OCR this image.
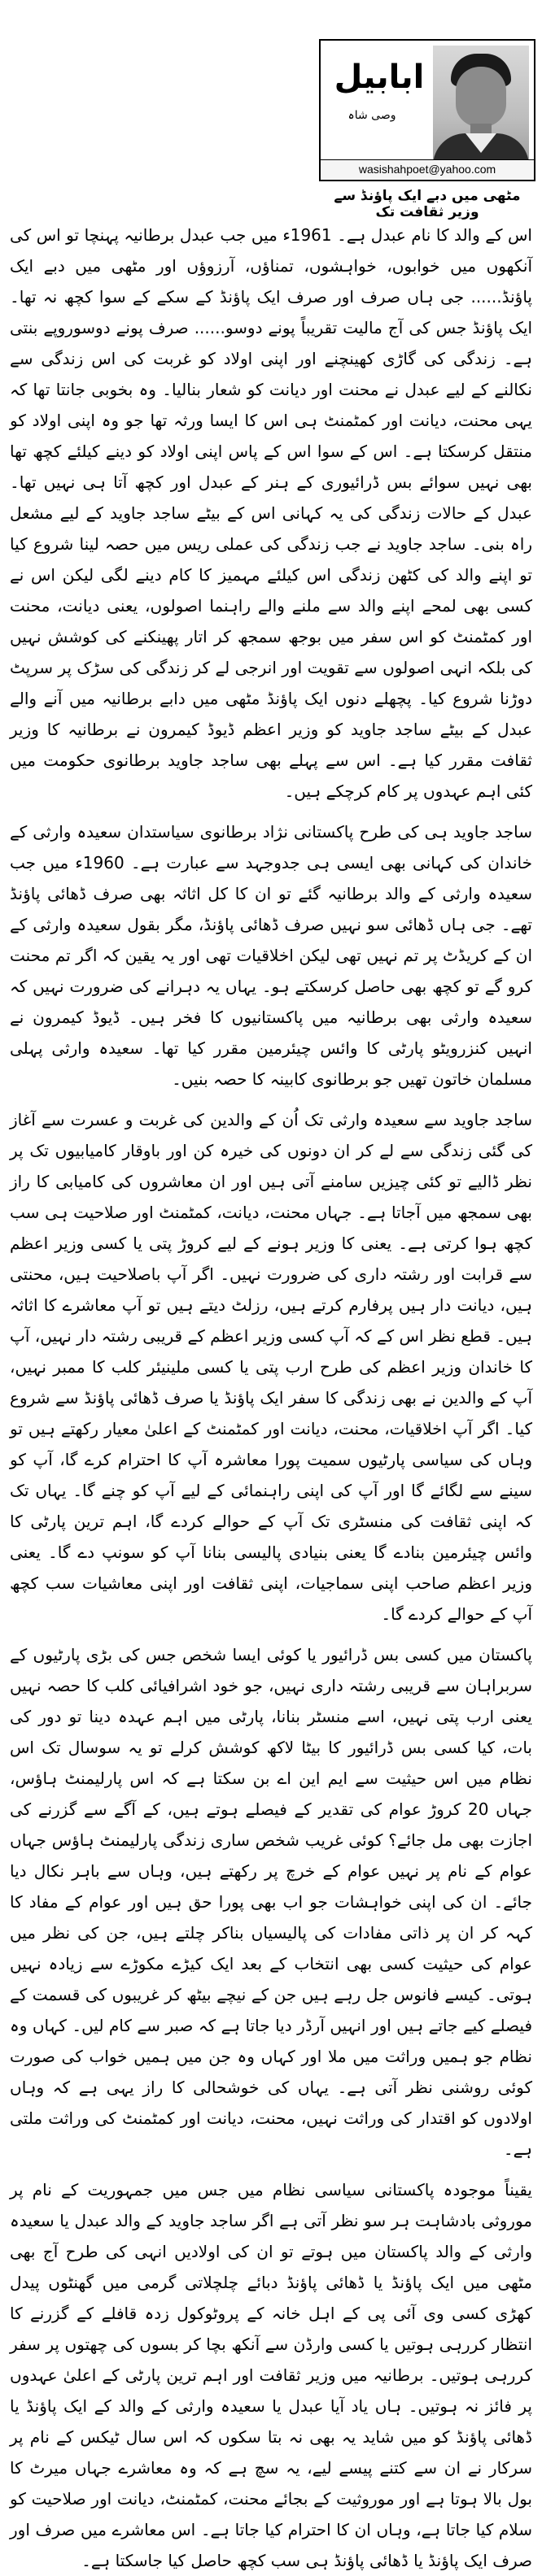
ابابیل
وصی شاہ
wasishahpoet@yahoo.com
مٹھی میں دبے ایک پاؤنڈ سے وزیر ثقافت تک

اس کے والد کا نام عبدل ہے۔ 1961ء میں جب عبدل برطانیہ پہنچا تو اس کی آنکھوں میں خوابوں، خواہشوں، تمناؤں، آرزوؤں اور مٹھی میں دبے ایک پاؤنڈ...... جی ہاں صرف اور صرف ایک پاؤنڈ کے سکے کے سوا کچھ نہ تھا۔ ایک پاؤنڈ جس کی آج مالیت تقریباً پونے دوسو...... صرف پونے دوسوروپے بنتی ہے۔ زندگی کی گاڑی کھینچنے اور اپنی اولاد کو غربت کی اس زندگی سے نکالنے کے لیے عبدل نے محنت اور دیانت کو شعار بنالیا۔ وہ بخوبی جانتا تھا کہ یہی محنت، دیانت اور کمٹمنٹ ہی اس کا ایسا ورثہ تھا جو وہ اپنی اولاد کو منتقل کرسکتا ہے۔ اس کے سوا اس کے پاس اپنی اولاد کو دینے کیلئے کچھ تھا بھی نہیں سوائے بس ڈرائیوری کے ہنر کے عبدل اور کچھ آتا ہی نہیں تھا۔ عبدل کے حالات زندگی کی یہ کہانی اس کے بیٹے ساجد جاوید کے لیے مشعل راہ بنی۔ ساجد جاوید نے جب زندگی کی عملی ریس میں حصہ لینا شروع کیا تو اپنے والد کی کٹھن زندگی اس کیلئے مہمیز کا کام دینے لگی لیکن اس نے کسی بھی لمحے اپنے والد سے ملنے والے راہنما اصولوں، یعنی دیانت، محنت اور کمٹمنٹ کو اس سفر میں بوجھ سمجھ کر اتار پھینکنے کی کوشش نہیں کی بلکہ انہی اصولوں سے تقویت اور انرجی لے کر زندگی کی سڑک پر سرپٹ دوڑنا شروع کیا۔ پچھلے دنوں ایک پاؤنڈ مٹھی میں دابے برطانیہ میں آنے والے عبدل کے بیٹے ساجد جاوید کو وزیر اعظم ڈیوڈ کیمرون نے برطانیہ کا وزیر ثقافت مقرر کیا ہے۔ اس سے پہلے بھی ساجد جاوید برطانوی حکومت میں کئی اہم عہدوں پر کام کرچکے ہیں۔

ساجد جاوید ہی کی طرح پاکستانی نژاد برطانوی سیاستدان سعیدہ وارثی کے خاندان کی کہانی بھی ایسی ہی جدوجہد سے عبارت ہے۔ 1960ء میں جب سعیدہ وارثی کے والد برطانیہ گئے تو ان کا کل اثاثہ بھی صرف ڈھائی پاؤنڈ تھے۔ جی ہاں ڈھائی سو نہیں صرف ڈھائی پاؤنڈ، مگر بقول سعیدہ وارثی کے ان کے کریڈٹ پر تم نہیں تھی لیکن اخلاقیات تھی اور یہ یقین کہ اگر تم محنت کرو گے تو کچھ بھی حاصل کرسکتے ہو۔ یہاں یہ دہرانے کی ضرورت نہیں کہ سعیدہ وارثی بھی برطانیہ میں پاکستانیوں کا فخر ہیں۔ ڈیوڈ کیمرون نے انہیں کنزرویٹو پارٹی کا وائس چیئرمین مقرر کیا تھا۔ سعیدہ وارثی پہلی مسلمان خاتون تھیں جو برطانوی کابینہ کا حصہ بنیں۔

ساجد جاوید سے سعیدہ وارثی تک اُن کے والدین کی غربت و عسرت سے آغاز کی گئی زندگی سے لے کر ان دونوں کی خیرہ کن اور باوقار کامیابیوں تک پر نظر ڈالیے تو کئی چیزیں سامنے آتی ہیں اور ان معاشروں کی کامیابی کا راز بھی سمجھ میں آجاتا ہے۔ جہاں محنت، دیانت، کمٹمنٹ اور صلاحیت ہی سب کچھ ہوا کرتی ہے۔ یعنی کا وزیر ہونے کے لیے کروڑ پتی یا کسی وزیر اعظم سے قرابت اور رشتہ داری کی ضرورت نہیں۔ اگر آپ باصلاحیت ہیں، محنتی ہیں، دیانت دار ہیں پرفارم کرتے ہیں، رزلٹ دیتے ہیں تو آپ معاشرے کا اثاثہ ہیں۔ قطع نظر اس کے کہ آپ کسی وزیر اعظم کے قریبی رشتہ دار نہیں، آپ کا خاندان وزیر اعظم کی طرح ارب پتی یا کسی ملینیئر کلب کا ممبر نہیں، آپ کے والدین نے بھی زندگی کا سفر ایک پاؤنڈ یا صرف ڈھائی پاؤنڈ سے شروع کیا۔ اگر آپ اخلاقیات، محنت، دیانت اور کمٹمنٹ کے اعلیٰ معیار رکھتے ہیں تو وہاں کی سیاسی پارٹیوں سمیت پورا معاشرہ آپ کا احترام کرے گا، آپ کو سینے سے لگائے گا اور آپ کی اپنی راہنمائی کے لیے آپ کو چنے گا۔ یہاں تک کہ اپنی ثقافت کی منسٹری تک آپ کے حوالے کردے گا، اہم ترین پارٹی کا وائس چیئرمین بنادے گا یعنی بنیادی پالیسی بنانا آپ کو سونپ دے گا۔ یعنی وزیر اعظم صاحب اپنی سماجیات، اپنی ثقافت اور اپنی معاشیات سب کچھ آپ کے حوالے کردے گا۔

پاکستان میں کسی بس ڈرائیور یا کوئی ایسا شخص جس کی بڑی پارٹیوں کے سربراہان سے قریبی رشتہ داری نہیں، جو خود اشرافیائی کلب کا حصہ نہیں یعنی ارب پتی نہیں، اسے منسٹر بنانا، پارٹی میں اہم عہدہ دینا تو دور کی بات، کیا کسی بس ڈرائیور کا بیٹا لاکھ کوشش کرلے تو یہ سوسال تک اس نظام میں اس حیثیت سے ایم این اے بن سکتا ہے کہ اس پارلیمنٹ ہاؤس، جہاں 20 کروڑ عوام کی تقدیر کے فیصلے ہوتے ہیں، کے آگے سے گزرنے کی اجازت بھی مل جائے؟ کوئی غریب شخص ساری زندگی پارلیمنٹ ہاؤس جہاں عوام کے نام پر نہیں عوام کے خرچ پر رکھتے ہیں، وہاں سے باہر نکال دیا جائے۔ ان کی اپنی خواہشات جو اب بھی پورا حق ہیں اور عوام کے مفاد کا کہہ کر ان پر ذاتی مفادات کی پالیسیاں بناکر چلتے ہیں، جن کی نظر میں عوام کی حیثیت کسی بھی انتخاب کے بعد ایک کیڑے مکوڑے سے زیادہ نہیں ہوتی۔ کیسے فانوس جل رہے ہیں جن کے نیچے بیٹھ کر غریبوں کی قسمت کے فیصلے کیے جاتے ہیں اور انہیں آرڈر دیا جاتا ہے کہ صبر سے کام لیں۔ کہاں وہ نظام جو ہمیں وراثت میں ملا اور کہاں وہ جن میں ہمیں خواب کی صورت کوئی روشنی نظر آتی ہے۔ یہاں کی خوشحالی کا راز یہی ہے کہ وہاں اولادوں کو اقتدار کی وراثت نہیں، محنت، دیانت اور کمٹمنٹ کی وراثت ملتی ہے۔

یقیناً موجودہ پاکستانی سیاسی نظام میں جس میں جمہوریت کے نام پر موروثی بادشاہت ہر سو نظر آتی ہے اگر ساجد جاوید کے والد عبدل یا سعیدہ وارثی کے والد پاکستان میں ہوتے تو ان کی اولادیں انہی کی طرح آج بھی مٹھی میں ایک پاؤنڈ یا ڈھائی پاؤنڈ دبائے چلچلاتی گرمی میں گھنٹوں پیدل کھڑی کسی وی آئی پی کے اہل خانہ کے پروٹوکول زدہ قافلے کے گزرنے کا انتظار کررہی ہوتیں یا کسی وارڈن سے آنکھ بچا کر بسوں کی چھتوں پر سفر کررہی ہوتیں۔ برطانیہ میں وزیر ثقافت اور اہم ترین پارٹی کے اعلیٰ عہدوں پر فائز نہ ہوتیں۔ ہاں یاد آیا عبدل یا سعیدہ وارثی کے والد کے ایک پاؤنڈ یا ڈھائی پاؤنڈ کو میں شاید یہ بھی نہ بتا سکوں کہ اس سال ٹیکس کے نام پر سرکار نے ان سے کتنے پیسے لیے، یہ سچ ہے کہ وہ معاشرے جہاں میرٹ کا بول بالا ہوتا ہے اور موروثیت کے بجائے محنت، کمٹمنٹ، دیانت اور صلاحیت کو سلام کیا جاتا ہے، وہاں ان کا احترام کیا جاتا ہے۔ اس معاشرے میں صرف اور صرف ایک پاؤنڈ یا ڈھائی پاؤنڈ ہی سب کچھ حاصل کیا جاسکتا ہے۔
